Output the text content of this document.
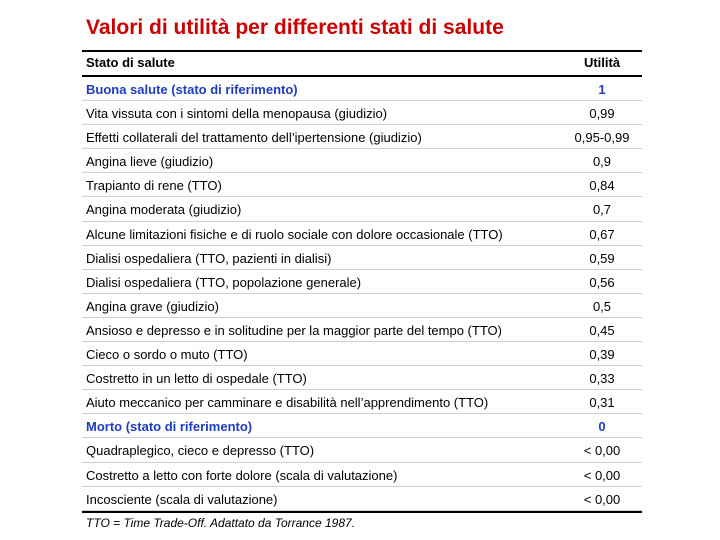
Valori di utilità per differenti stati di salute
Stato di salute	Utilità
Buona salute (stato di riferimento)	1
Vita vissuta con i sintomi della menopausa (giudizio)	0,99
Effetti collaterali del trattamento dell’ipertensione (giudizio)	0,95-0,99
Angina lieve (giudizio)	0,9
Trapianto di rene (TTO)	0,84
Angina moderata (giudizio)	0,7
Alcune limitazioni fisiche e di ruolo sociale con dolore occasionale (TTO)	0,67
Dialisi ospedaliera (TTO, pazienti in dialisi)	0,59
Dialisi ospedaliera (TTO, popolazione generale)	0,56
Angina grave (giudizio)	0,5
Ansioso e depresso e in solitudine per la maggior parte del tempo (TTO)	0,45
Cieco o sordo o muto (TTO)	0,39
Costretto in un letto di ospedale (TTO)	0,33
Aiuto meccanico per camminare e disabilità nell’apprendimento (TTO)	0,31
Morto (stato di riferimento)	0
Quadraplegico, cieco e depresso (TTO)	< 0,00
Costretto a letto con forte dolore (scala di valutazione)	< 0,00
Incosciente (scala di valutazione)	< 0,00
TTO = Time Trade-Off. Adattato da Torrance 1987.
